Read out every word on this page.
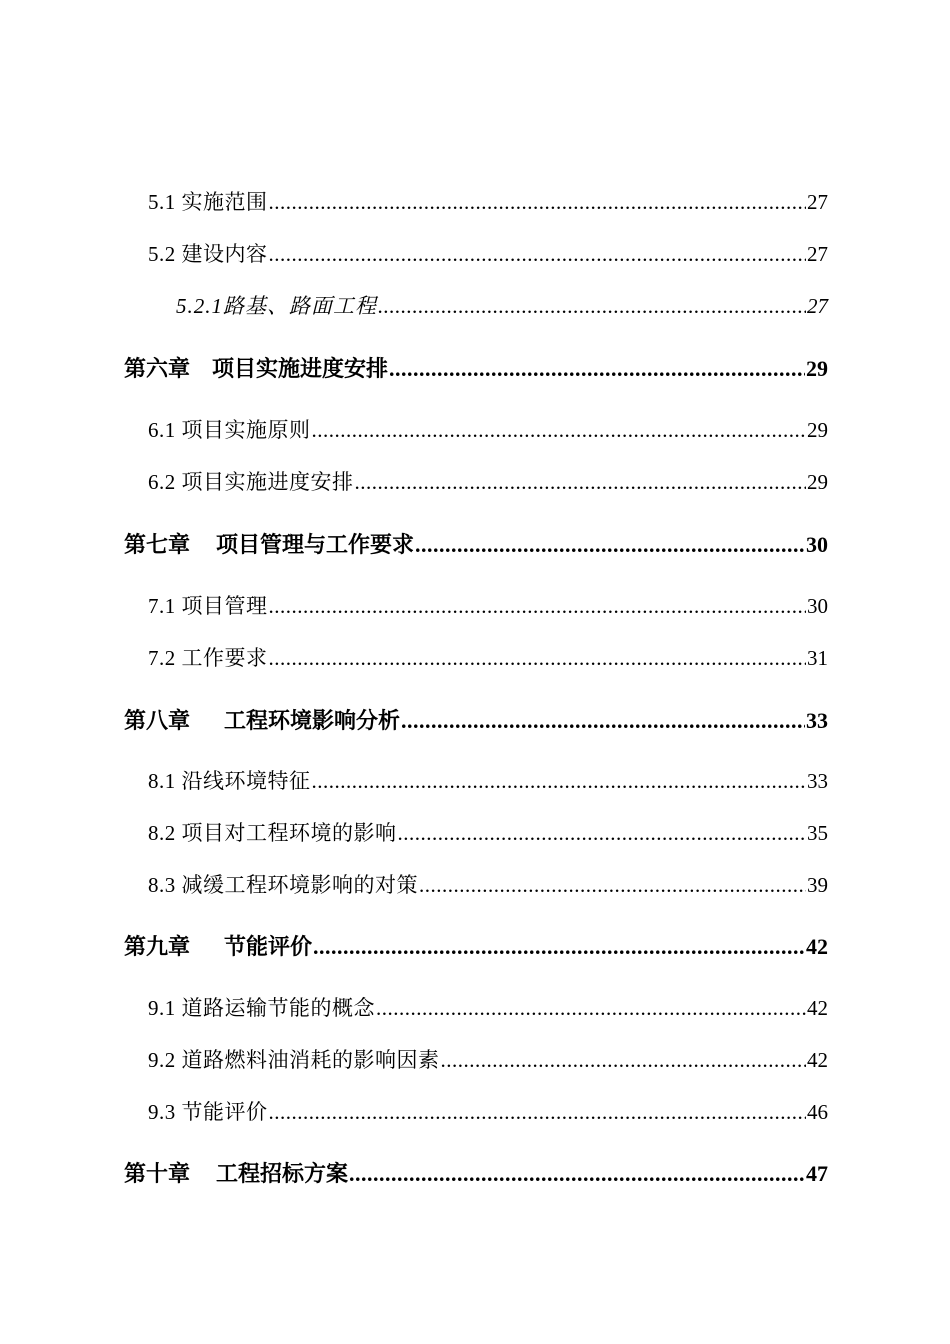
5.1 实施范围 .....	27
5.2 建设内容 .....	27
5.2.1路基、路面工程 .....	27
第六章 项目实施进度安排 .....	29
6.1 项目实施原则 .....	29
6.2 项目实施进度安排 .....	29
第七章 项目管理与工作要求 .....	30
7.1 项目管理 .....	30
7.2 工作要求 .....	31
第八章 工程环境影响分析 .....	33
8.1 沿线环境特征 .....	33
8.2 项目对工程环境的影响 .....	35
8.3 减缓工程环境影响的对策 .....	39
第九章 节能评价 .....	42
9.1 道路运输节能的概念 .....	42
9.2 道路燃料油消耗的影响因素 .....	42
9.3 节能评价 .....	46
第十章 工程招标方案 .....	47
